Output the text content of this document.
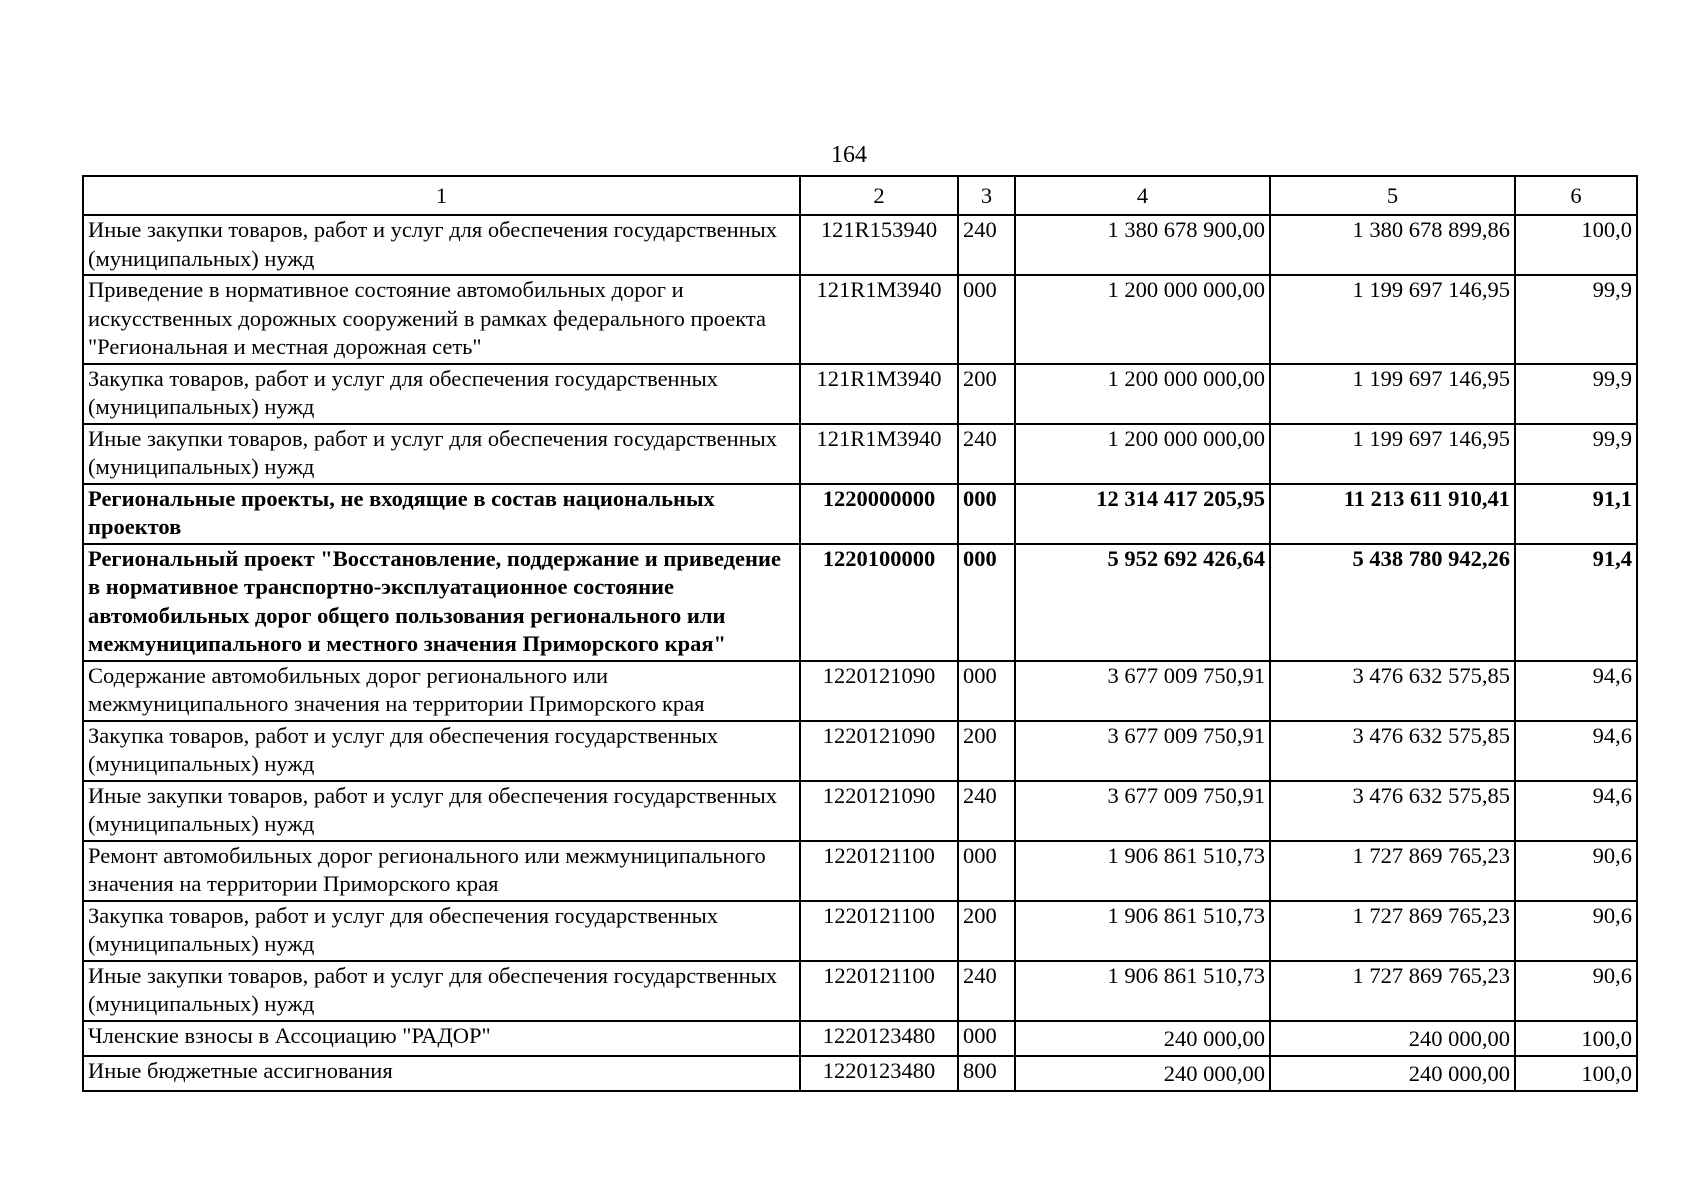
164
1	2	3	4	5	6
Иные закупки товаров, работ и услуг для обеспечения государственных (муниципальных) нужд	121R153940	240	1 380 678 900,00	1 380 678 899,86	100,0
Приведение в нормативное состояние автомобильных дорог и искусственных дорожных сооружений в рамках федерального проекта "Региональная и местная дорожная сеть"	121R1M3940	000	1 200 000 000,00	1 199 697 146,95	99,9
Закупка товаров, работ и услуг для обеспечения государственных (муниципальных) нужд	121R1M3940	200	1 200 000 000,00	1 199 697 146,95	99,9
Иные закупки товаров, работ и услуг для обеспечения государственных (муниципальных) нужд	121R1M3940	240	1 200 000 000,00	1 199 697 146,95	99,9
Региональные проекты, не входящие в состав национальных проектов	1220000000	000	12 314 417 205,95	11 213 611 910,41	91,1
Региональный проект "Восстановление, поддержание и приведение в нормативное транспортно-эксплуатационное состояние автомобильных дорог общего пользования регионального или межмуниципального и местного значения Приморского края"	1220100000	000	5 952 692 426,64	5 438 780 942,26	91,4
Содержание автомобильных дорог регионального или межмуниципального значения на территории Приморского края	1220121090	000	3 677 009 750,91	3 476 632 575,85	94,6
Закупка товаров, работ и услуг для обеспечения государственных (муниципальных) нужд	1220121090	200	3 677 009 750,91	3 476 632 575,85	94,6
Иные закупки товаров, работ и услуг для обеспечения государственных (муниципальных) нужд	1220121090	240	3 677 009 750,91	3 476 632 575,85	94,6
Ремонт автомобильных дорог регионального или межмуниципального значения на территории Приморского края	1220121100	000	1 906 861 510,73	1 727 869 765,23	90,6
Закупка товаров, работ и услуг для обеспечения государственных (муниципальных) нужд	1220121100	200	1 906 861 510,73	1 727 869 765,23	90,6
Иные закупки товаров, работ и услуг для обеспечения государственных (муниципальных) нужд	1220121100	240	1 906 861 510,73	1 727 869 765,23	90,6
Членские взносы в Ассоциацию "РАДОР"	1220123480	000	240 000,00	240 000,00	100,0
Иные бюджетные ассигнования	1220123480	800	240 000,00	240 000,00	100,0
